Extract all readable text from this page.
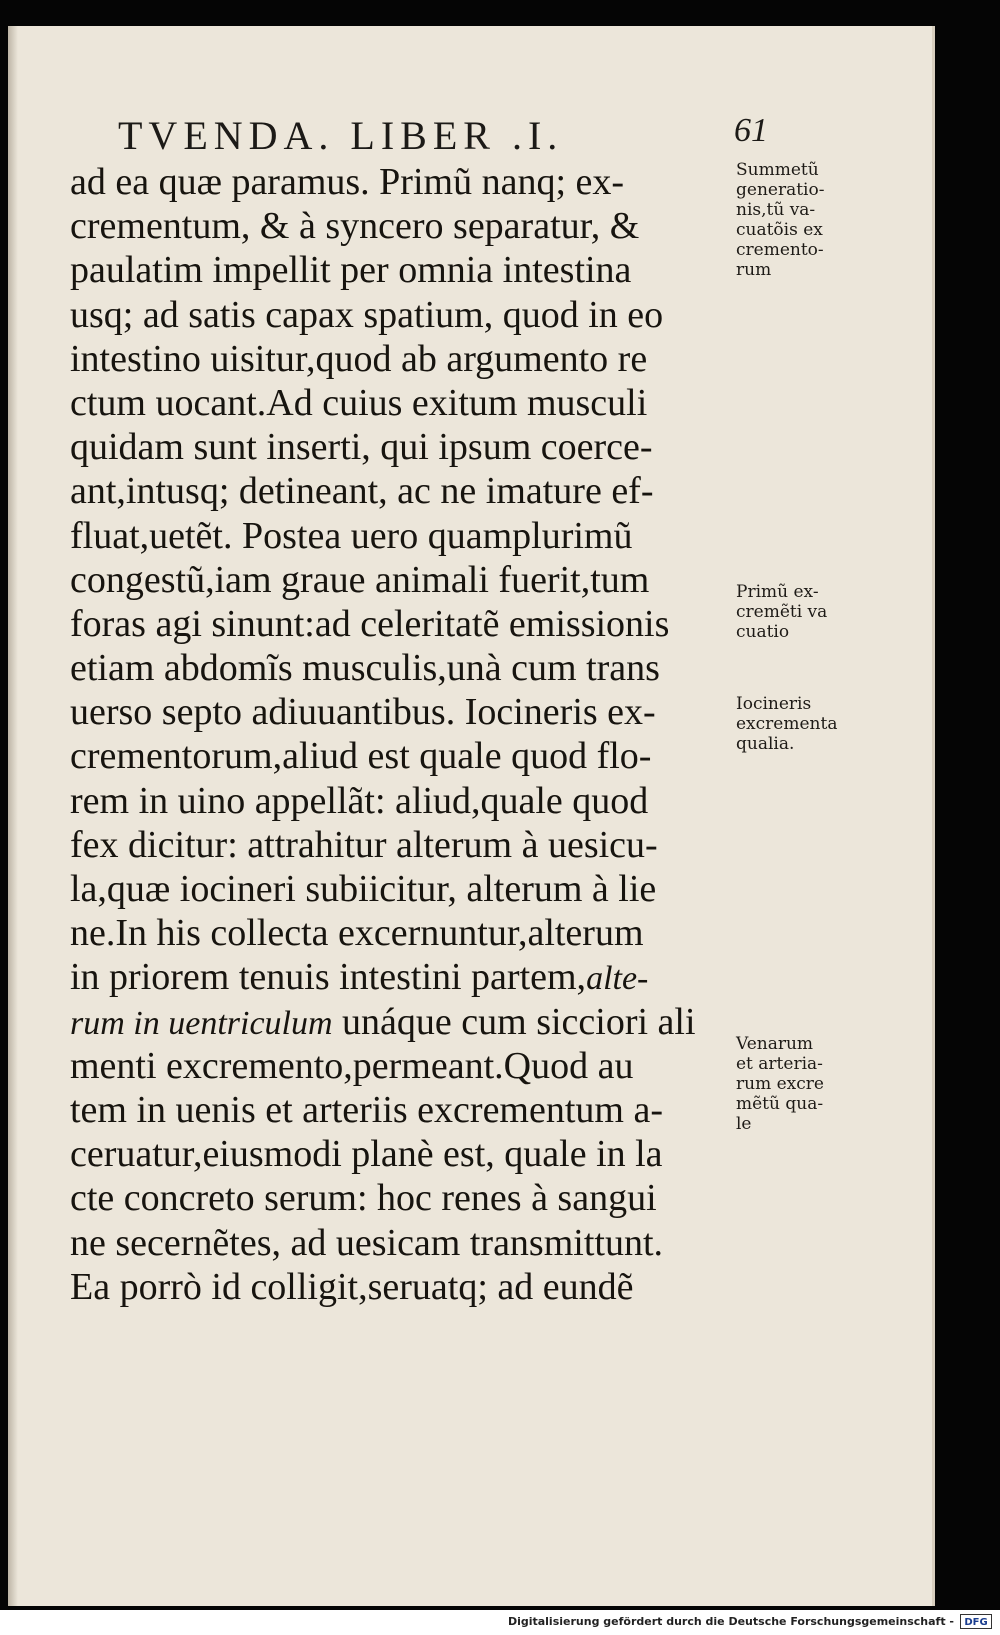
TVENDA. LIBER .I.	61
ad ea quæ paramus. Primũ nanq; ex-
crementum, & à syncero separatur, &
paulatim impellit per omnia intestina
usq; ad satis capax spatium, quod in eo
intestino uisitur,quod ab argumento re
ctum uocant.Ad cuius exitum musculi
quidam sunt inserti, qui ipsum coerce-
ant,intusq; detineant, ac ne imature ef-
fluat,uetẽt. Postea uero quamplurimũ
congestũ,iam graue animali fuerit,tum
foras agi sinunt:ad celeritatẽ emissionis
etiam abdomĩs musculis,unà cum trans
uerso septo adiuuantibus. Iocineris ex-
crementorum,aliud est quale quod flo-
rem in uino appellãt: aliud,quale quod
fex dicitur: attrahitur alterum à uesicu-
la,quæ iocineri subiicitur, alterum à lie
ne.In his collecta excernuntur,alterum
in priorem tenuis intestini partem,alte-
rum in uentriculum unáque cum sicciori ali
menti excremento,permeant.Quod au
tem in uenis et arteriis excrementum a-
ceruatur,eiusmodi planè est, quale in la
cte concreto serum: hoc renes à sangui
ne secernẽtes, ad uesicam transmittunt.
Ea porrò id colligit,seruatq; ad eundẽ
Summetũ
generatio-
nis,tũ va-
cuatõis ex
cremento-
rum
Primũ ex-
cremẽti va
cuatio
Iocineris
excrementa
qualia.
Venarum
et arteria-
rum excre
mẽtũ qua-
le
Digitalisierung gefördert durch die Deutsche Forschungsgemeinschaft -	DFG
